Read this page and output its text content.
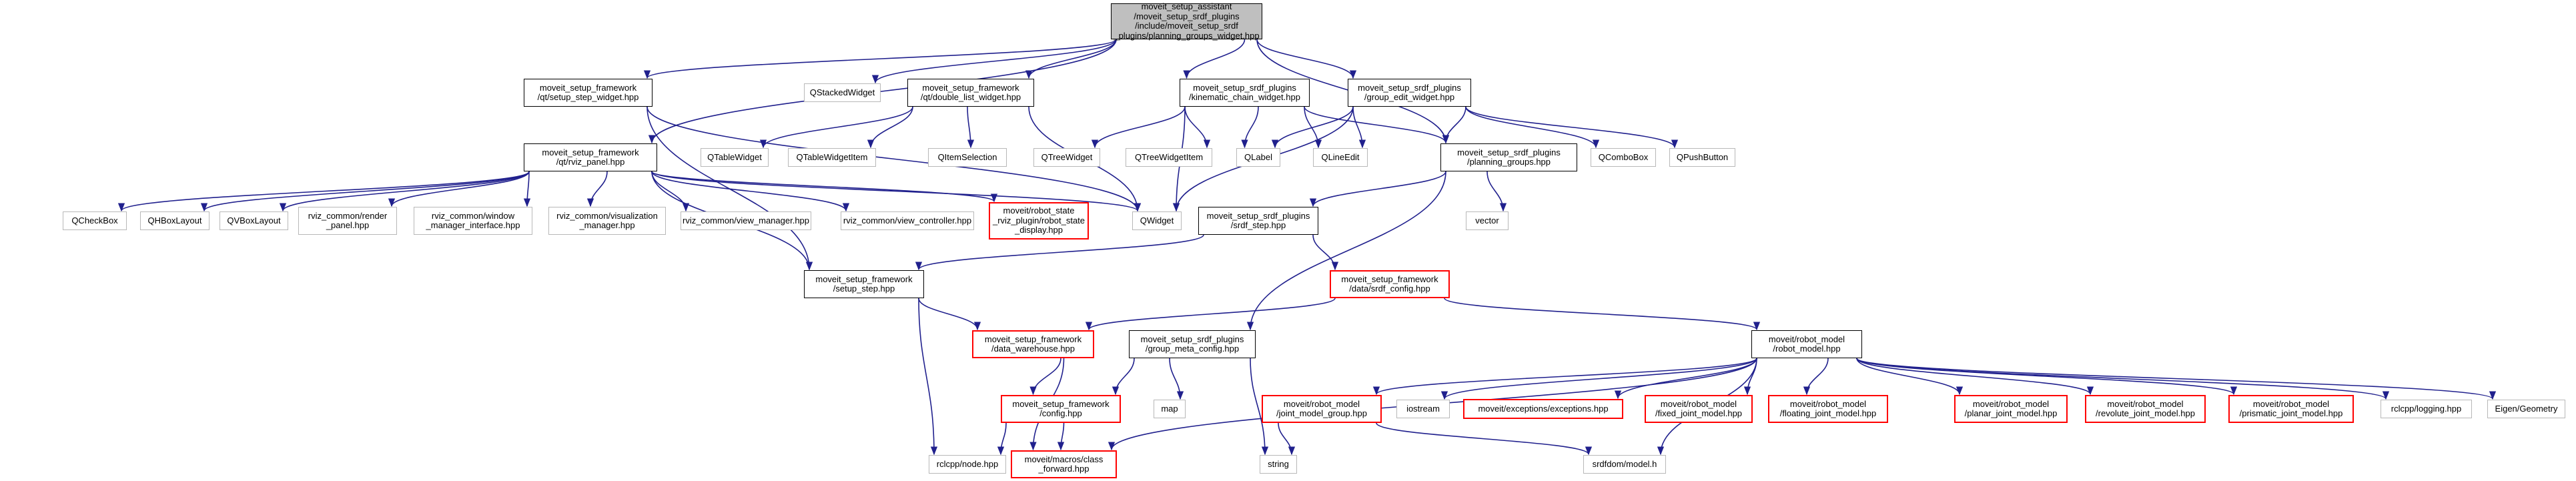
moveit_setup_assistant
/moveit_setup_srdf_plugins
/include/moveit_setup_srdf
_plugins/planning_groups_widget.hpp
moveit_setup_framework
/qt/setup_step_widget.hpp	QStackedWidget	moveit_setup_framework
/qt/double_list_widget.hpp
moveit_setup_srdf_plugins
/kinematic_chain_widget.hpp
moveit_setup_srdf_plugins
/group_edit_widget.hpp
moveit_setup_framework
/qt/rviz_panel.hpp	QTableWidget	QTableWidgetItem	QItemSelection	QTreeWidget	QTreeWidgetItem	QLabel	QLineEdit	moveit_setup_srdf_plugins
/planning_groups.hpp	QComboBox	QPushButton
QCheckBox	QHBoxLayout	QVBoxLayout	rviz_common/render
_panel.hpp
rviz_common/window
_manager_interface.hpp
rviz_common/visualization
_manager.hpp	rviz_common/view_manager.hpp	rviz_common/view_controller.hpp
moveit/robot_state
_rviz_plugin/robot_state
_display.hpp
QWidget	moveit_setup_srdf_plugins
/srdf_step.hpp	vector
moveit_setup_framework
/setup_step.hpp
moveit_setup_framework
/data/srdf_config.hpp
moveit_setup_framework
/data_warehouse.hpp
moveit_setup_srdf_plugins
/group_meta_config.hpp
moveit/robot_model
/robot_model.hpp
moveit_setup_framework
/config.hpp	map	moveit/robot_model
/joint_model_group.hpp	iostream	moveit/exceptions/exceptions.hpp	moveit/robot_model
/fixed_joint_model.hpp
moveit/robot_model
/floating_joint_model.hpp
moveit/robot_model
/planar_joint_model.hpp
moveit/robot_model
/revolute_joint_model.hpp
moveit/robot_model
/prismatic_joint_model.hpp	rclcpp/logging.hpp	Eigen/Geometry
rclcpp/node.hpp	moveit/macros/class
_forward.hpp	string	srdfdom/model.h
